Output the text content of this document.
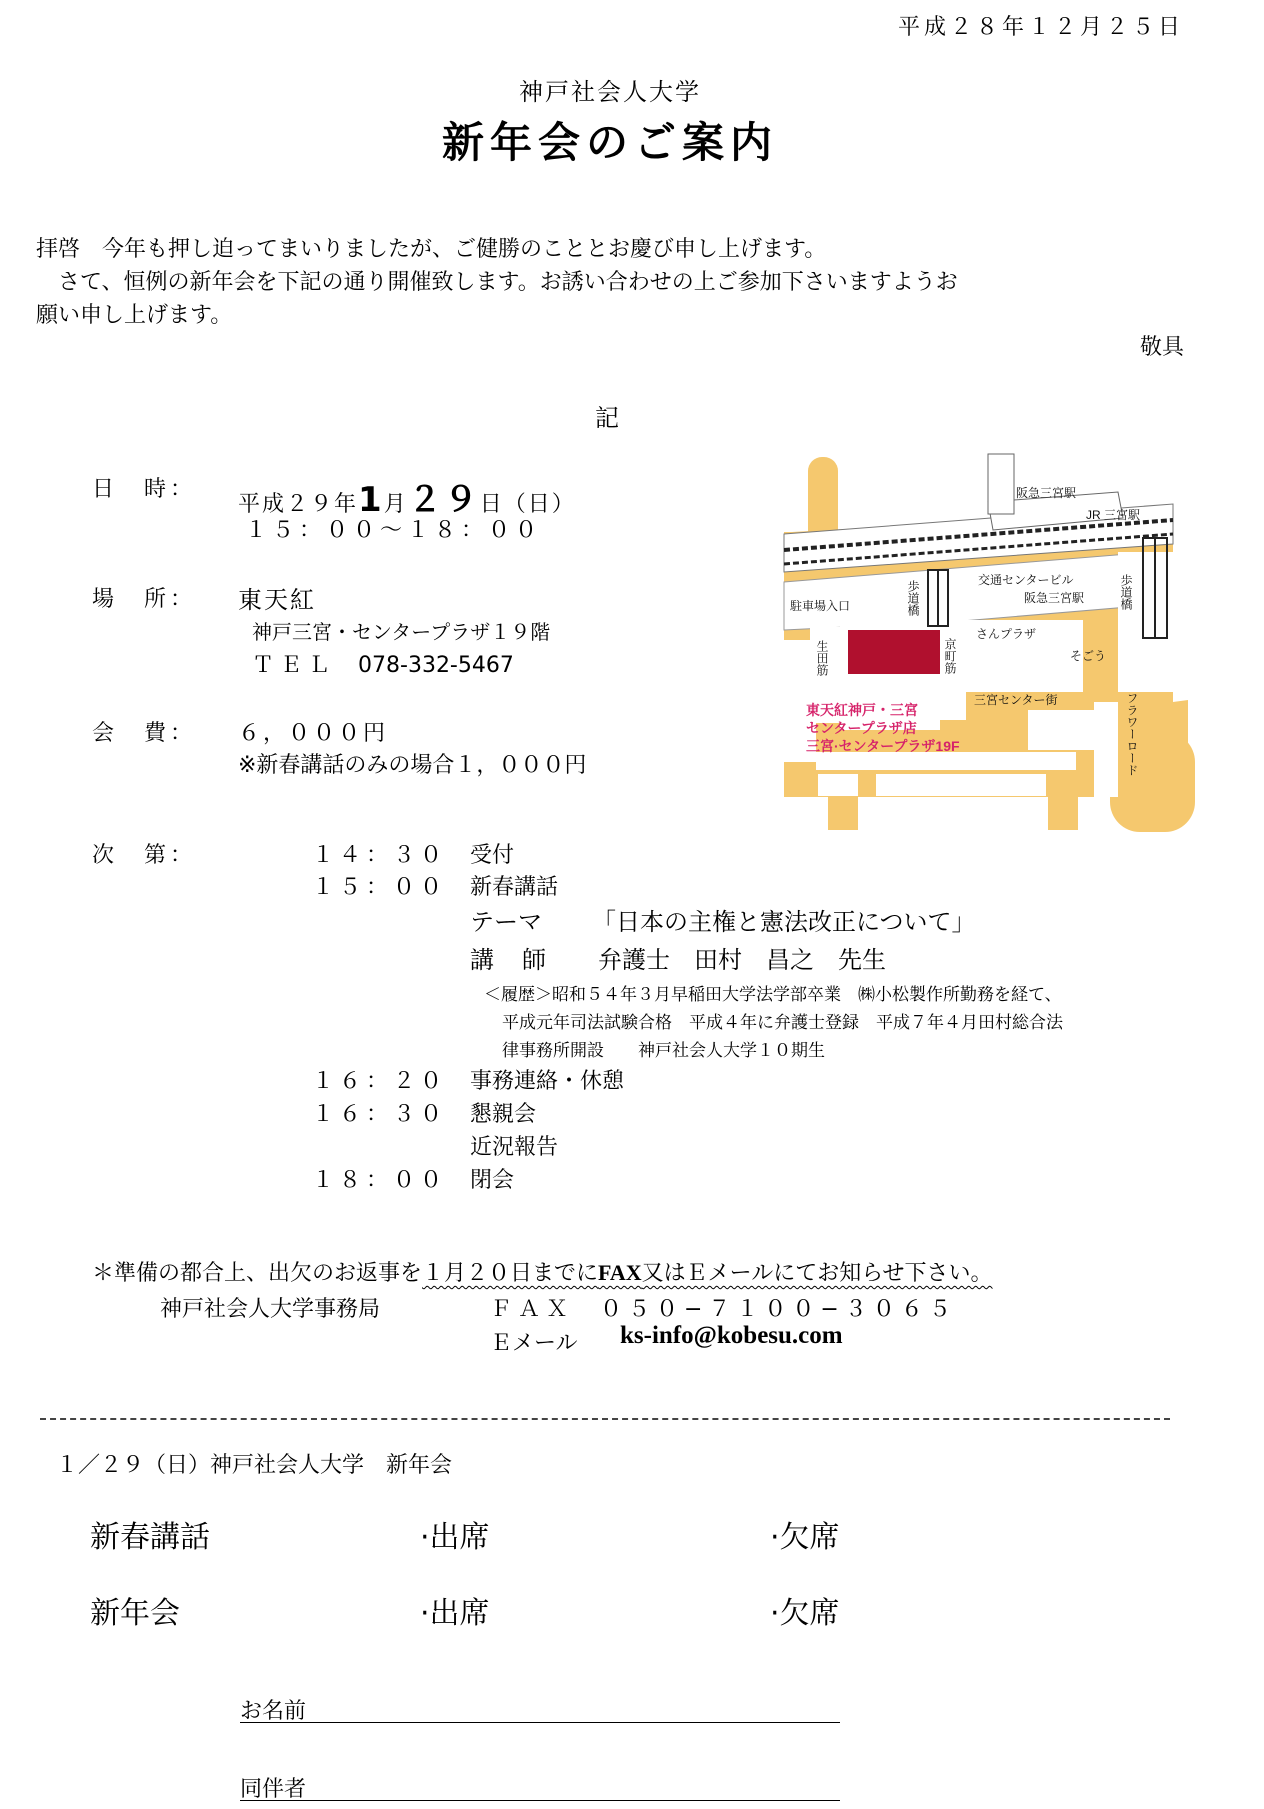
平成２８年１２月２５日
神戸社会人大学
新年会のご案内
拝啓　今年も押し迫ってまいりましたが、ご健勝のこととお慶び申し上げます。
　さて、恒例の新年会を下記の通り開催致します。お誘い合わせの上ご参加下さいますようお
願い申し上げます。
敬具
記
日　時：
平成２９年1月２９日（日）
１５：００〜１８：００
場　所： 東天紅
神戸三宮・センタープラザ１９階
ＴＥＬ 078-332-5467
会　費： ６，０００円
※新春講話のみの場合１，０００円
阪急三宮駅
JR 三宮駅
駐車場入口
交通センタービル
阪急三宮駅
そごう
さんプラザ
三宮センター街
歩道橋	歩道橋
生田筋	京町筋
フラワーロード
東天紅神戸・三宮
センタープラザ店
三宮·センタープラザ19F
次　第：	１４：３０ 受付
１５：００ 新春講話
テーマ 「日本の主権と憲法改正について」
講　師 弁護士　田村　昌之　先生
＜履歴＞昭和５４年３月早稲田大学法学部卒業　㈱小松製作所勤務を経て、
平成元年司法試験合格　平成４年に弁護士登録　平成７年４月田村総合法
律事務所開設　　神戸社会人大学１０期生
１６：２０ 事務連絡・休憩
１６：３０ 懇親会
近況報告
１８：００ 閉会
＊準備の都合上、出欠のお返事を１月２０日までにFAX又はＥメールにてお知らせ下さい。
神戸社会人大学事務局	ＦＡＸ ０５０−７１００−３０６５
Ｅメール ks-info@kobesu.com
１／２９（日）神戸社会人大学　新年会
新春講話	·出席	·欠席
新年会	·出席	·欠席
お名前
同伴者
